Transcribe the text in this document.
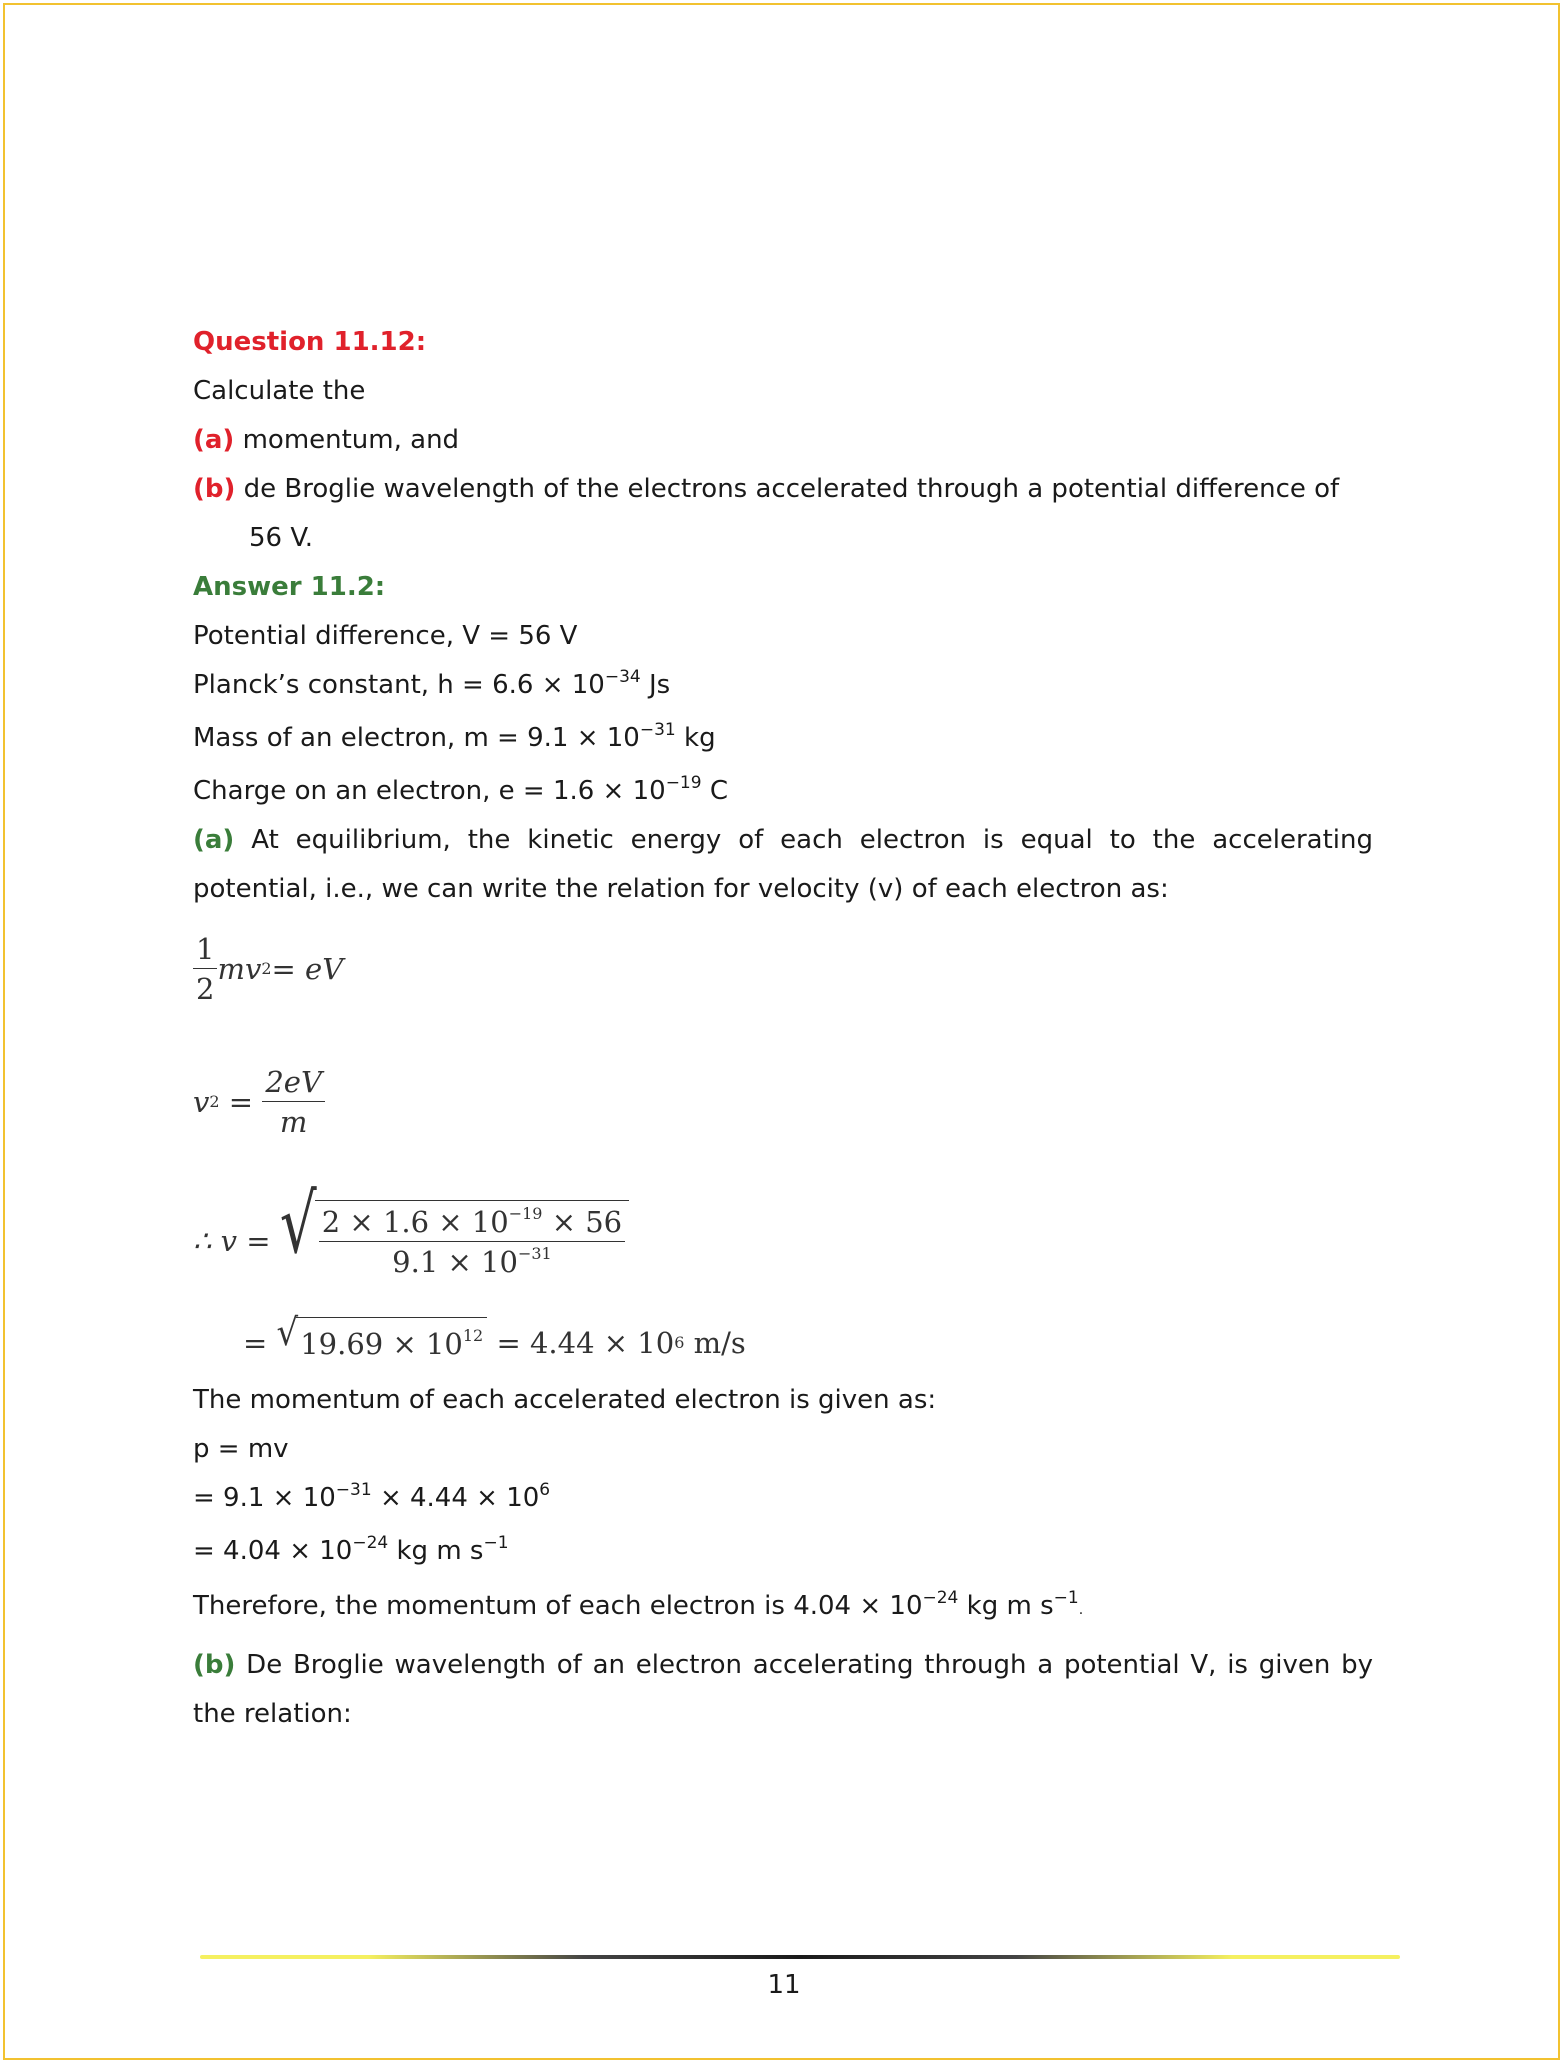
Question 11.12:

Calculate the

(a) momentum, and

(b) de Broglie wavelength of the electrons accelerated through a potential difference of

56 V.

Answer 11.2:

Potential difference, V = 56 V

Planck’s constant, $h = 6.6 \times 10^{-34}$ Js

Mass of an electron, $m = 9.1 \times 10^{-31}$ kg

Charge on an electron, $e = 1.6 \times 10^{-19}$ C

(a) At equilibrium, the kinetic energy of each electron is equal to the accelerating potential, i.e., we can write the relation for velocity (v) of each electron as:

$\frac{1}{2}$ mv 2 = eV
v $2 = \frac{2eV}{m}$
∴ v = √ $\frac{2 \times 1.6 \times 10^{-19} \times 56}{9.1 \times 10^{-31}}$
= √ $19.69 \times 10^{12} = 4.44 \times 10$ 6 m/s

The momentum of each accelerated electron is given as:

p = mv

= $9.1 \times 10^{-31} \times 4.44 \times 10^6$

= $4.04 \times 10^{-24}$ kg m $s^{-1}$

Therefore, the momentum of each electron is $4.04 \times 10^{-24}$ kg m $s^{-1}$.

(b) De Broglie wavelength of an electron accelerating through a potential V, is given by the relation:

11
